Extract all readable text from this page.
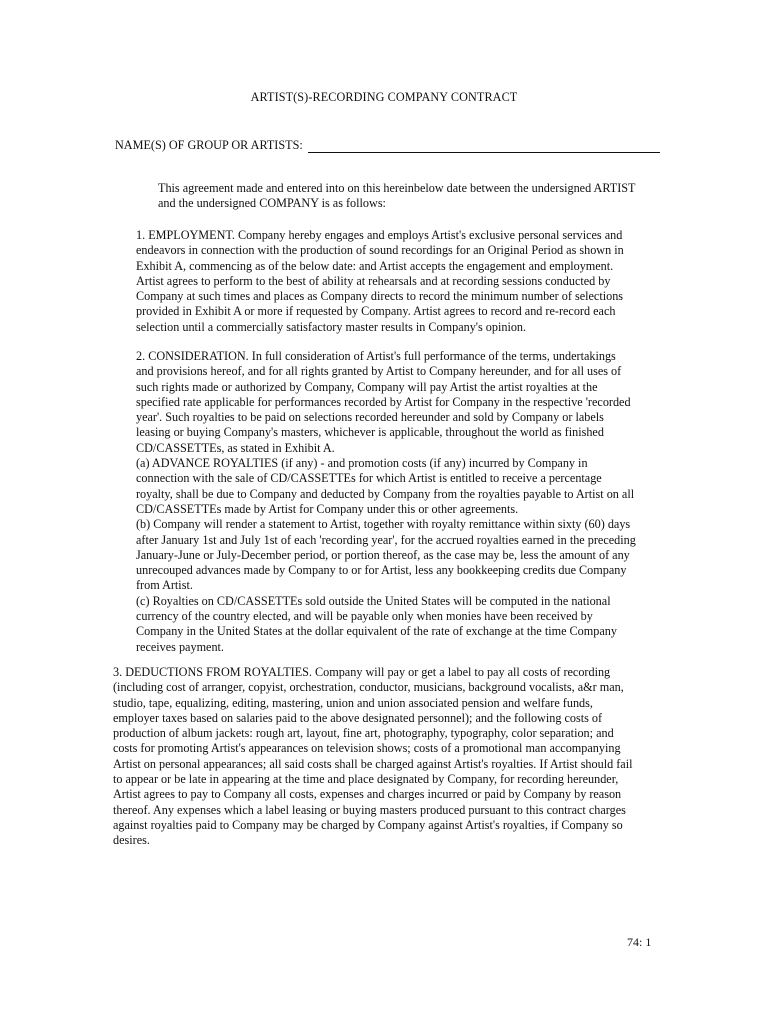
ARTIST(S)-RECORDING COMPANY CONTRACT
NAME(S) OF GROUP OR ARTISTS:
This agreement made and entered into on this hereinbelow date between the undersigned ARTIST
and the undersigned COMPANY is as follows:
1. EMPLOYMENT. Company hereby engages and employs Artist's exclusive personal services and
endeavors in connection with the production of sound recordings for an Original Period as shown in
Exhibit A, commencing as of the below date: and Artist accepts the engagement and employment.
Artist agrees to perform to the best of ability at rehearsals and at recording sessions conducted by
Company at such times and places as Company directs to record the minimum number of selections
provided in Exhibit A or more if requested by Company. Artist agrees to record and re-record each
selection until a commercially satisfactory master results in Company's opinion.
2. CONSIDERATION. In full consideration of Artist's full performance of the terms, undertakings
and provisions hereof, and for all rights granted by Artist to Company hereunder, and for all uses of
such rights made or authorized by Company, Company will pay Artist the artist royalties at the
specified rate applicable for performances recorded by Artist for Company in the respective 'recorded
year'. Such royalties to be paid on selections recorded hereunder and sold by Company or labels
leasing or buying Company's masters, whichever is applicable, throughout the world as finished
CD/CASSETTEs, as stated in Exhibit A.
(a) ADVANCE ROYALTIES (if any) - and promotion costs (if any) incurred by Company in
connection with the sale of CD/CASSETTEs for which Artist is entitled to receive a percentage
royalty, shall be due to Company and deducted by Company from the royalties payable to Artist on all
CD/CASSETTEs made by Artist for Company under this or other agreements.
(b) Company will render a statement to Artist, together with royalty remittance within sixty (60) days
after January 1st and July 1st of each 'recording year', for the accrued royalties earned in the preceding
January-June or July-December period, or portion thereof, as the case may be, less the amount of any
unrecouped advances made by Company to or for Artist, less any bookkeeping credits due Company
from Artist.
(c) Royalties on CD/CASSETTEs sold outside the United States will be computed in the national
currency of the country elected, and will be payable only when monies have been received by
Company in the United States at the dollar equivalent of the rate of exchange at the time Company
receives payment.
3. DEDUCTIONS FROM ROYALTIES. Company will pay or get a label to pay all costs of recording
(including cost of arranger, copyist, orchestration, conductor, musicians, background vocalists, a&r man,
studio, tape, equalizing, editing, mastering, union and union associated pension and welfare funds,
employer taxes based on salaries paid to the above designated personnel); and the following costs of
production of album jackets: rough art, layout, fine art, photography, typography, color separation; and
costs for promoting Artist's appearances on television shows; costs of a promotional man accompanying
Artist on personal appearances; all said costs shall be charged against Artist's royalties. If Artist should fail
to appear or be late in appearing at the time and place designated by Company, for recording hereunder,
Artist agrees to pay to Company all costs, expenses and charges incurred or paid by Company by reason
thereof. Any expenses which a label leasing or buying masters produced pursuant to this contract charges
against royalties paid to Company may be charged by Company against Artist's royalties, if Company so
desires.
74: 1
